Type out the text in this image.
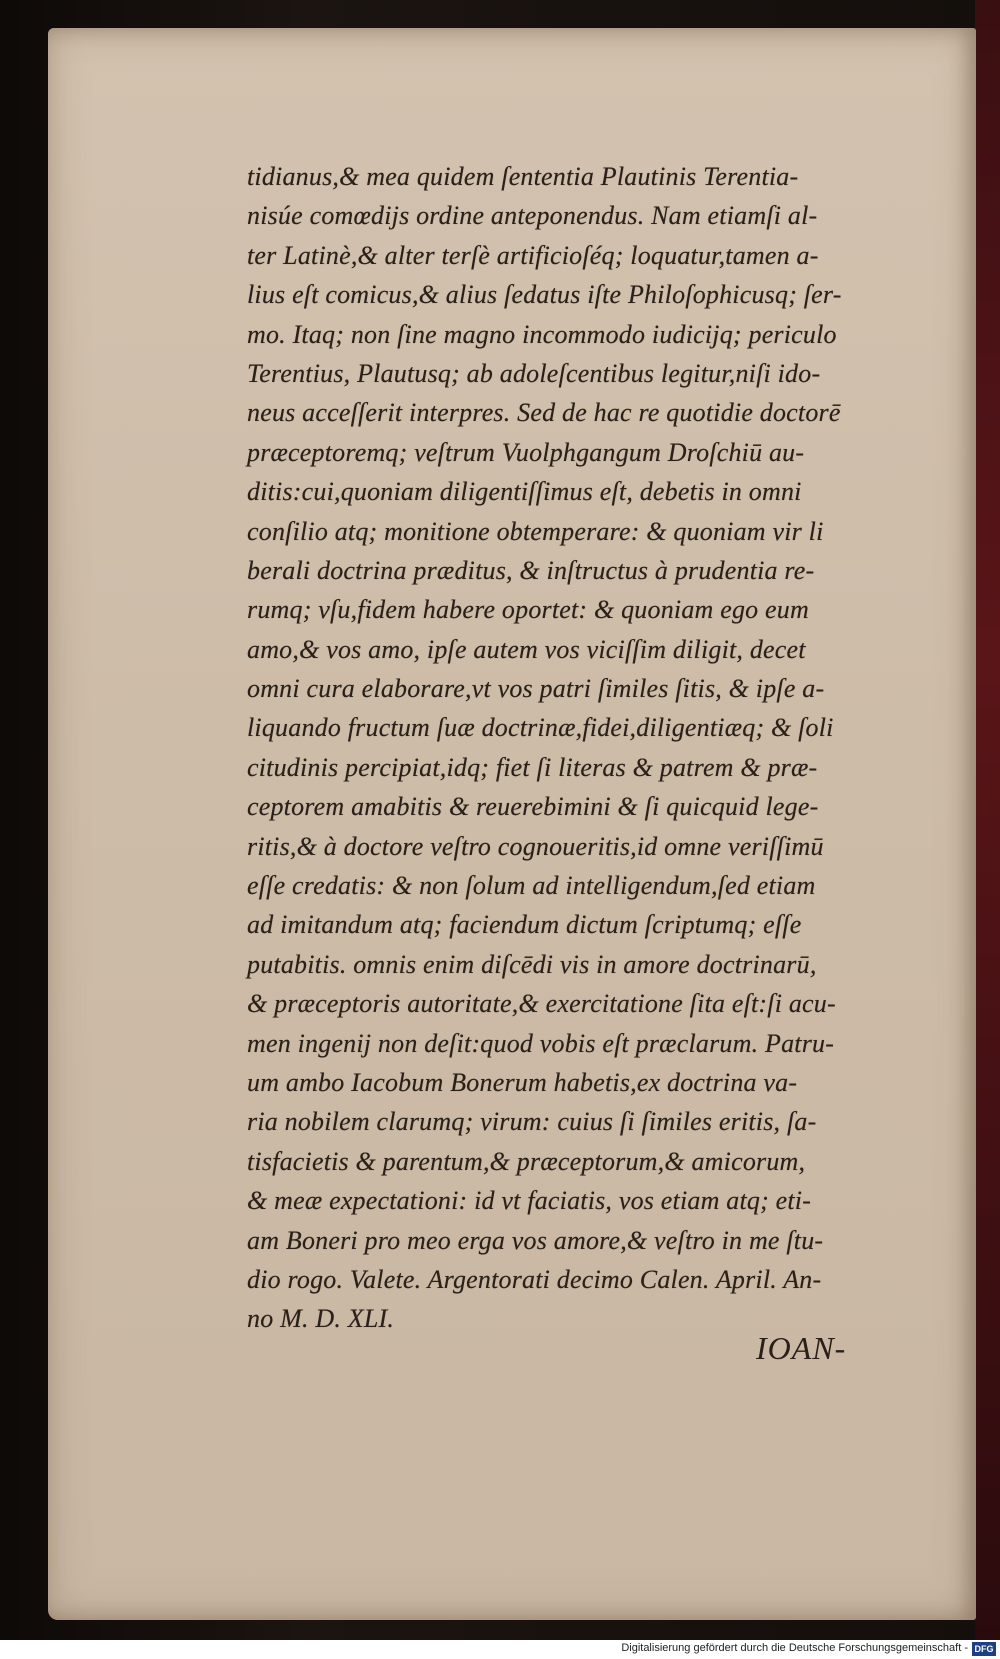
tidianus,& mea quidem ſententia Plautinis Terentia-
nisúe comœdijs ordine anteponendus. Nam etiamſi al-
ter Latinè,& alter terſè artificioſéq; loquatur,tamen a-
lius eſt comicus,& alius ſedatus iſte Philoſophicusq; ſer-
mo. Itaq; non ſine magno incommodo iudicijq; periculo
Terentius, Plautusq; ab adoleſcentibus legitur,niſi ido-
neus acceſſerit interpres. Sed de hac re quotidie doctorē
præceptoremq; veſtrum Vuolphgangum Droſchiū au-
ditis:cui,quoniam diligentiſſimus eſt, debetis in omni
conſilio atq; monitione obtemperare: & quoniam vir li
berali doctrina præditus, & inſtructus à prudentia re-
rumq; vſu,fidem habere oportet: & quoniam ego eum
amo,& vos amo, ipſe autem vos viciſſim diligit, decet
omni cura elaborare,vt vos patri ſimiles ſitis, & ipſe a-
liquando fructum ſuæ doctrinæ,fidei,diligentiæq; & ſoli
citudinis percipiat,idq; fiet ſi literas & patrem & præ-
ceptorem amabitis & reuerebimini & ſi quicquid lege-
ritis,& à doctore veſtro cognoueritis,id omne veriſſimū
eſſe credatis: & non ſolum ad intelligendum,ſed etiam
ad imitandum atq; faciendum dictum ſcriptumq; eſſe
putabitis. omnis enim diſcēdi vis in amore doctrinarū,
& præceptoris autoritate,& exercitatione ſita eſt:ſi acu-
men ingenij non deſit:quod vobis eſt præclarum. Patru-
um ambo Iacobum Bonerum habetis,ex doctrina va-
ria nobilem clarumq; virum: cuius ſi ſimiles eritis, ſa-
tisfacietis & parentum,& præceptorum,& amicorum,
& meæ expectationi: id vt faciatis, vos etiam atq; eti-
am Boneri pro meo erga vos amore,& veſtro in me ſtu-
dio rogo. Valete. Argentorati decimo Calen. April. An-
no M. D. XLI.
IOAN-
Digitalisierung gefördert durch die Deutsche Forschungsgemeinschaft - DFG
